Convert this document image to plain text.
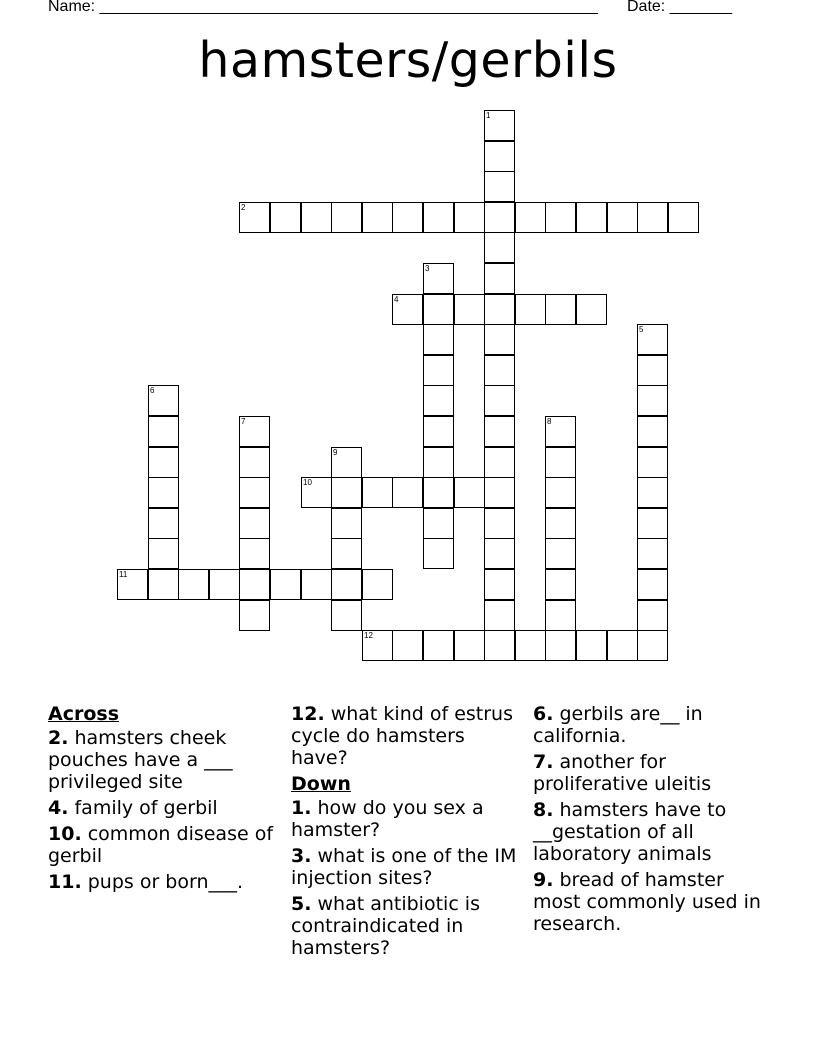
Name: ________________________________________________________ Date: _______
hamsters/gerbils
1
2
3
4
5
6
7	8
9
10
11
12
Across
2. hamsters cheek pouches have a ___ privileged site
4. family of gerbil
10. common disease of gerbil
11. pups or born___.
12. what kind of estrus cycle do hamsters have?
Down
1. how do you sex a hamster?
3. what is one of the IM injection sites?
5. what antibiotic is contraindicated in hamsters?
6. gerbils are__ in california.
7. another for proliferative uleitis
8. hamsters have to __gestation of all laboratory animals
9. bread of hamster most commonly used in research.
